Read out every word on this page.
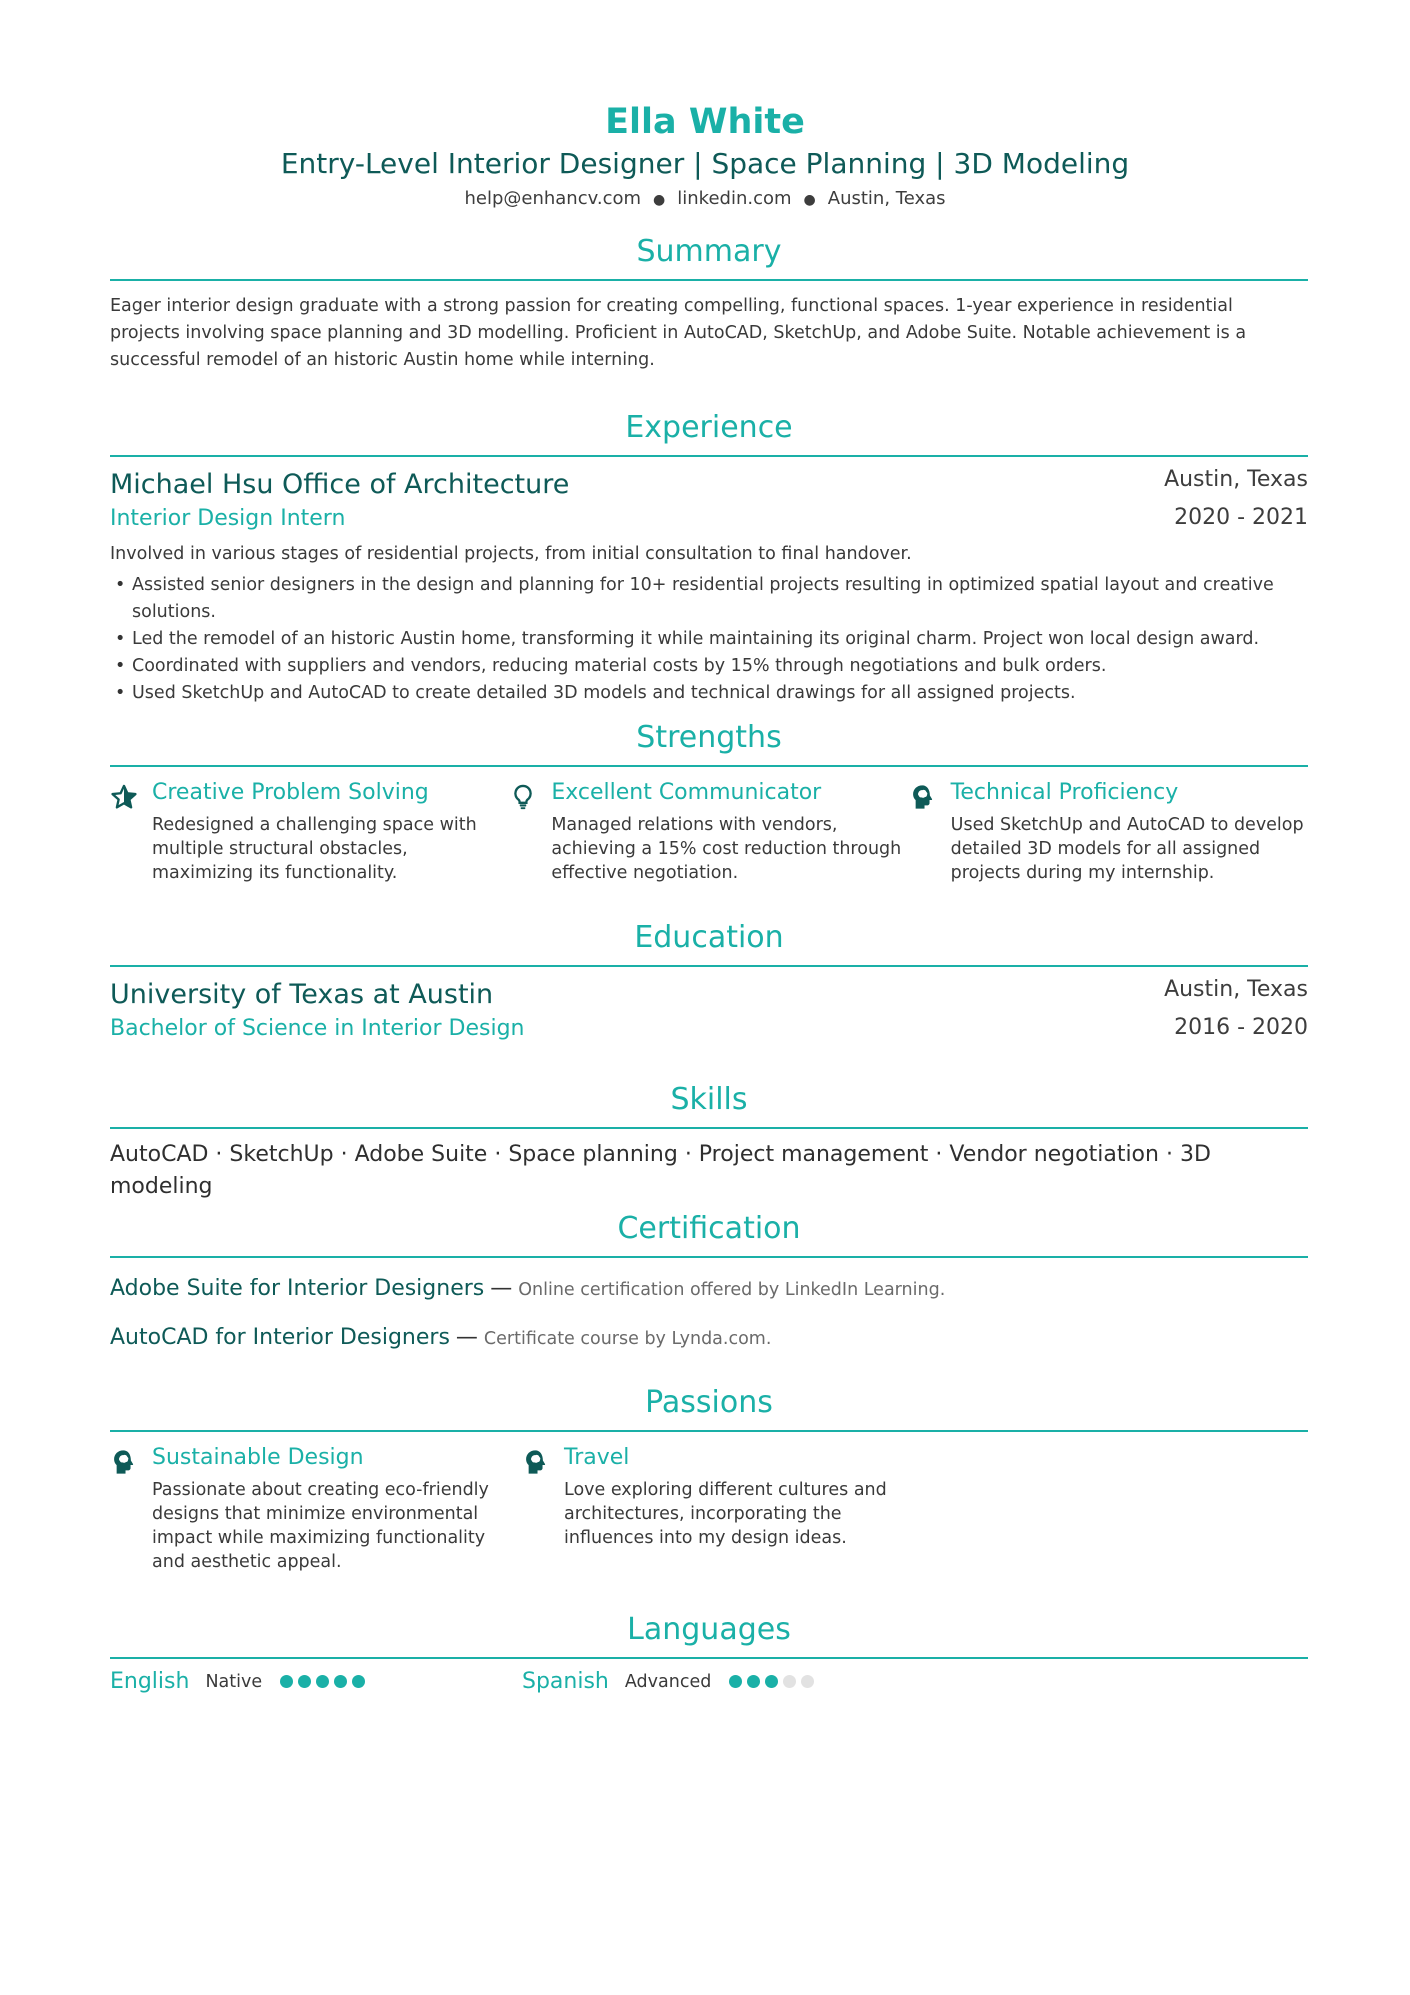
Ella White
Entry-Level Interior Designer | Space Planning | 3D Modeling
help@enhancv.com ● linkedin.com ● Austin, Texas
Summary
Eager interior design graduate with a strong passion for creating compelling, functional spaces. 1-year experience in residential projects involving space planning and 3D modelling. Proficient in AutoCAD, SketchUp, and Adobe Suite. Notable achievement is a successful remodel of an historic Austin home while interning.
Experience
Austin, Texas
Michael Hsu Office of Architecture
2020 - 2021
Interior Design Intern
Involved in various stages of residential projects, from initial consultation to final handover.
• Assisted senior designers in the design and planning for 10+ residential projects resulting in optimized spatial layout and creative solutions.
• Led the remodel of an historic Austin home, transforming it while maintaining its original charm. Project won local design award.
• Coordinated with suppliers and vendors, reducing material costs by 15% through negotiations and bulk orders.
• Used SketchUp and AutoCAD to create detailed 3D models and technical drawings for all assigned projects.
Strengths
Creative Problem Solving
Redesigned a challenging space with multiple structural obstacles, maximizing its functionality.
Excellent Communicator
Managed relations with vendors, achieving a 15% cost reduction through effective negotiation.
Technical Proficiency
Used SketchUp and AutoCAD to develop detailed 3D models for all assigned projects during my internship.
Education
Austin, Texas
University of Texas at Austin
2016 - 2020
Bachelor of Science in Interior Design
Skills
AutoCAD · SketchUp · Adobe Suite · Space planning · Project management · Vendor negotiation · 3D modeling
Certification
Adobe Suite for Interior Designers — Online certification offered by LinkedIn Learning.
AutoCAD for Interior Designers — Certificate course by Lynda.com.
Passions
Sustainable Design
Passionate about creating eco-friendly designs that minimize environmental impact while maximizing functionality and aesthetic appeal.
Travel
Love exploring different cultures and architectures, incorporating the influences into my design ideas.
Languages
English Native	Spanish Advanced
